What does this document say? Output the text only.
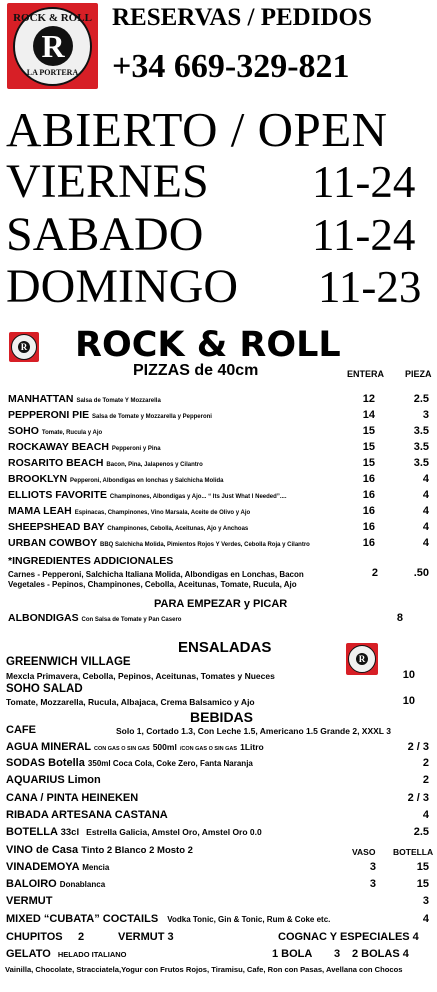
ROCK & ROLL
R
LA PORTERA
RESERVAS / PEDIDOS
+34 669-329-821
ABIERTO / OPEN
VIERNES 11-24
SABADO 11-24
DOMINGO 11-23
R ROCK & ROLL
PIZZAS de 40cm	ENTERA PIEZA
MANHATTAN Salsa de Tomate Y Mozzarella	12	2.5
PEPPERONI PIE Salsa de Tomate y Mozzarella y Pepperoni	14	3
SOHO Tomate, Rucula y Ajo	15	3.5
ROCKAWAY BEACH Pepperoni y Pina	15	3.5
ROSARITO BEACH Bacon, Pina, Jalapenos y Cilantro	15	3.5
BROOKLYN Pepperoni, Albondigas en lonchas y Salchicha Molida	16	4
ELLIOTS FAVORITE Champinones, Albondigas y Ajo... “ Its Just What I Needed”....	16	4
MAMA LEAH Espinacas, Champinones, Vino Marsala, Aceite de Olivo y Ajo	16	4
SHEEPSHEAD BAY Champinones, Cebolla, Aceitunas, Ajo y Anchoas	16	4
URBAN COWBOY BBQ Salchicha Molida, Pimientos Rojos Y Verdes, Cebolla Roja y Cilantro	16	4
*INGREDIENTES ADDICIONALES
Carnes - Pepperoni, Salchicha Italiana Molida, Albondigas en Lonchas, Bacon
Vegetales - Pepinos, Champinones, Cebolla, Aceitunas, Tomate, Rucula, Ajo
2	.50
PARA EMPEZAR y PICAR
ALBONDIGAS Con Salsa de Tomate y Pan Casero	8
ENSALADAS
R
GREENWICH VILLAGE
Mexcla Primavera, Cebolla, Pepinos, Aceitunas, Tomates y Nueces	10
SOHO SALAD
Tomate, Mozzarella, Rucula, Albajaca, Crema Balsamico y Ajo	10
BEBIDAS
CAFE	Solo 1, Cortado 1.3, Con Leche 1.5, Americano 1.5 Grande 2, XXXL 3
AGUA MINERAL CON GAS O SIN GAS 500ml /CON GAS O SIN GAS 1Litro	2 / 3
SODAS Botella 350ml Coca Cola, Coke Zero, Fanta Naranja	2
AQUARIUS Limon	2
CANA / PINTA HEINEKEN	2 / 3
RIBADA ARTESANA CASTANA	4
BOTELLA 33cl Estrella Galicia, Amstel Oro, Amstel Oro 0.0	2.5
VINO de Casa Tinto 2 Blanco 2 Mosto 2	VASO BOTELLA
VINADEMOYA Mencia	3	15
BALOIRO Donablanca	3	15
VERMUT	3
MIXED “CUBATA” COCTAILS Vodka Tonic, Gin & Tonic, Rum & Coke etc.	4
CHUPITOS 2	VERMUT 3	COGNAC Y ESPECIALES 4
GELATO HELADO ITALIANO	1 BOLA 3 2 BOLAS 4
Vainilla, Chocolate, Stracciatela,Yogur con Frutos Rojos, Tiramisu, Cafe, Ron con Pasas, Avellana con Chocos
